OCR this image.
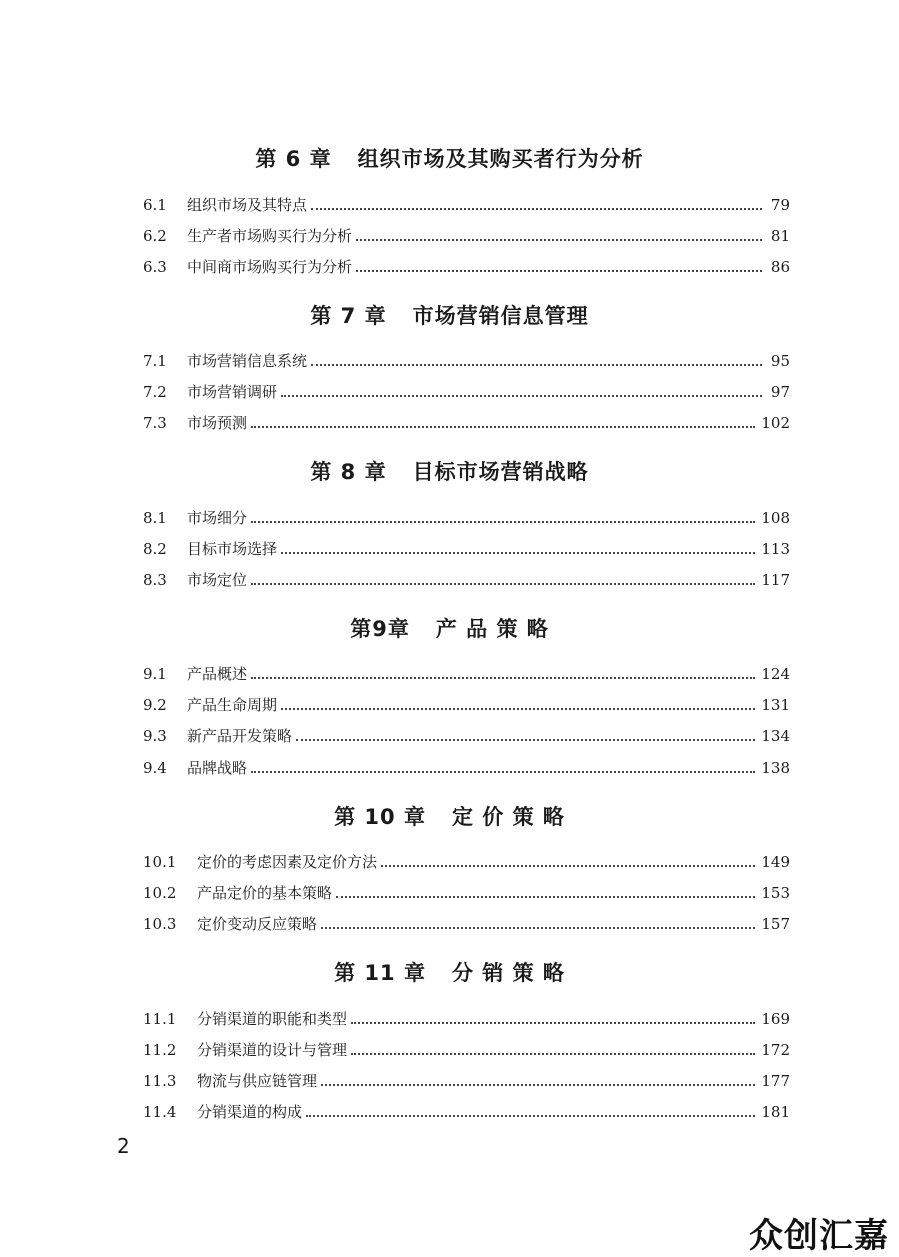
第 6 章 组织市场及其购买者行为分析
6.1	组织市场及其特点	79
6.2	生产者市场购买行为分析	81
6.3	中间商市场购买行为分析	86
第 7 章 市场营销信息管理
7.1	市场营销信息系统	95
7.2	市场营销调研	97
7.3	市场预测	102
第 8 章 目标市场营销战略
8.1	市场细分	108
8.2	目标市场选择	113
8.3	市场定位	117
第9章 产 品 策 略
9.1	产品概述	124
9.2	产品生命周期	131
9.3	新产品开发策略	134
9.4	品牌战略	138
第 10 章 定 价 策 略
10.1	定价的考虑因素及定价方法	149
10.2	产品定价的基本策略	153
10.3	定价变动反应策略	157
第 11 章 分 销 策 略
11.1	分销渠道的职能和类型	169
11.2	分销渠道的设计与管理	172
11.3	物流与供应链管理	177
11.4	分销渠道的构成	181
2
众创汇嘉
